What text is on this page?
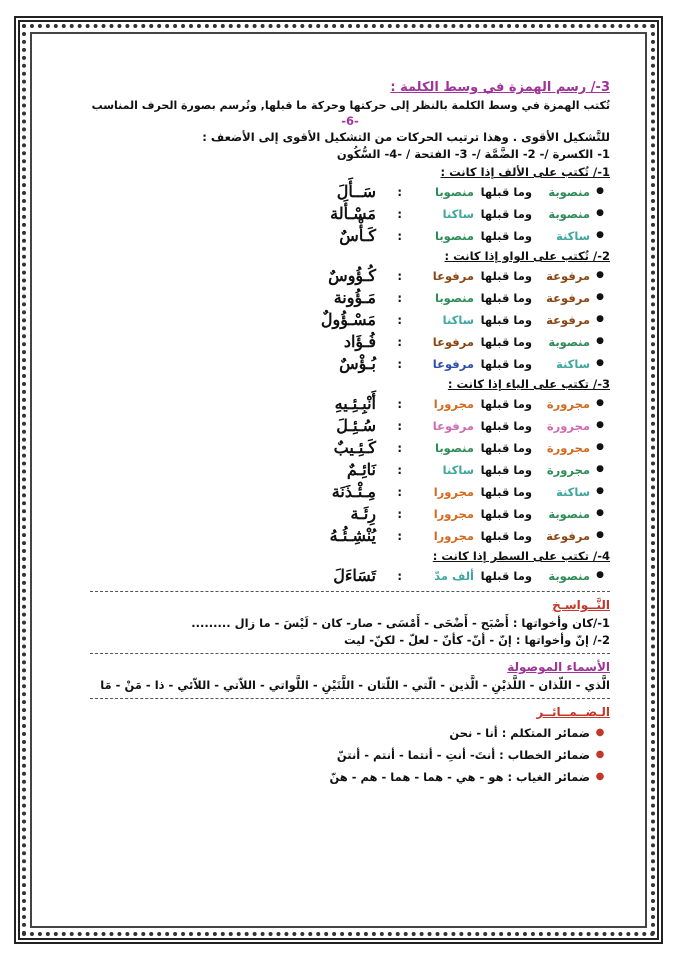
3-/ رسم الهمزة في وسط الكلمة :
تُكتب الهمزة في وسط الكلمة بالنظر إلى حركتها وحركة ما قبلها, وتُرسم بصورة الحرف المناسب
-6-
للتَّشكيل الأقوى . وهذا ترتيب الحركات من التشكيل الأقوى إلى الأضعف :
1- الكسرة /- 2- الضَّمَّة /- 3- الفتحة / -4- السُّكُون
1-/ تُكتب على الألف إذا كانت :
●
منصوبة
وما قبلها
منصوبا
:
سَــأَلَ
●
منصوبة
وما قبلها
ساكنا
:
مَسْـأَلة
●
ساكنة
وما قبلها
منصوبا
:
كَـأْسٌ
2-/ تُكتب على الواو إذا كانت :
●
مرفوعة
وما قبلها
مرفوعا
:
كُـؤُوسٌ
●
مرفوعة
وما قبلها
منصوبا
:
مَـؤُونة
●
مرفوعة
وما قبلها
ساكنا
:
مَسْـؤُولٌ
●
منصوبة
وما قبلها
مرفوعا
:
فُـؤَاد
●
ساكنة
وما قبلها
مرفوعا
:
بُـؤْسٌ
3-/ تكتب على الياء إذا كانت :
●
مجرورة
وما قبلها
مجرورا
:
أَنْبِـئِـيهِ
●
مجرورة
وما قبلها
مرفوعا
:
سُـئِـلَ
●
مجرورة
وما قبلها
منصوبا
:
كَـئِـيبٌ
●
مجرورة
وما قبلها
ساكنا
:
نَائِـمٌ
●
ساكنة
وما قبلها
مجرورا
:
مِـئْـذَنَة
●
منصوبة
وما قبلها
مجرورا
:
رِئَـة
●
مرفوعة
وما قبلها
مجرورا
:
يُنْشِـئُـهُ
4-/ تكتب على السطر إذا كانت :
●
منصوبة
وما قبلها
ألف مدّ
:
تَسَاءَلَ
النَّــواسـخ
1-/كان وأخواتها : أَصْبَح - أَضْحَى - أَمْسَى - صار- كان - لَيْسَ - ما زال .........
2-/ إنّ وأخواتها : إنّ - أنّ- كأنّ - لعلّ - لكنّ- ليت
الأسماء الموصولة
الَّذي - اللّذان - اللَّذيْنِ - الَّذين - الّتي - اللّتان - اللَّتَيْنِ - اللَّواتي - اللاّتي - اللاّئي - ذا - مَنْ - مَا
الـضــمــائــر
●
ضمائر المتكلم : أنا - نحن
●
ضمائر الخطاب : أنتَ- أنتِ - أنتما - أنتم - أنتنّ
●
ضمائر الغياب : هو - هي - هما - هما - هم - هنّ
